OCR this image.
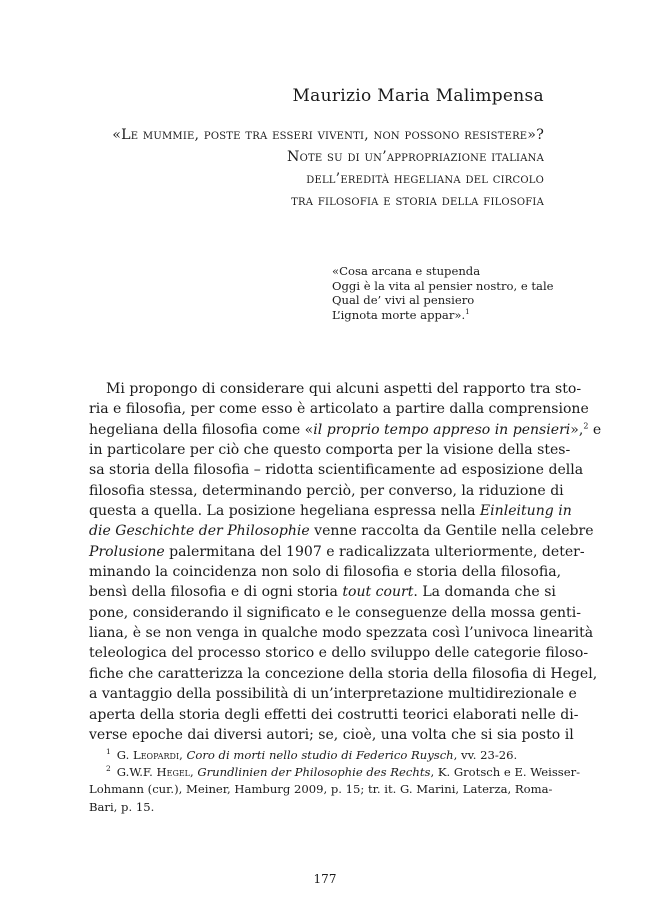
Maurizio Maria Malimpensa
«Le mummie, poste tra esseri viventi, non possono resistere»?
Note su di un’appropriazione italiana
dell’eredità hegeliana del circolo
tra filosofia e storia della filosofia
«Cosa arcana e stupenda
Oggi è la vita al pensier nostro, e tale
Qual de’ vivi al pensiero
L’ignota morte appar».$^1$
Mi propongo di considerare qui alcuni aspetti del rapporto tra sto-
ria e filosofia, per come esso è articolato a partire dalla comprensione
hegeliana della filosofia come «il proprio tempo appreso in pensieri»,$^2$ e
in particolare per ciò che questo comporta per la visione della stes-
sa storia della filosofia – ridotta scientificamente ad esposizione della
filosofia stessa, determinando perciò, per converso, la riduzione di
questa a quella. La posizione hegeliana espressa nella Einleitung in
die Geschichte der Philosophie venne raccolta da Gentile nella celebre
Prolusione palermitana del 1907 e radicalizzata ulteriormente, deter-
minando la coincidenza non solo di filosofia e storia della filosofia,
bensì della filosofia e di ogni storia tout court. La domanda che si
pone, considerando il significato e le conseguenze della mossa genti-
liana, è se non venga in qualche modo spezzata così l’univoca linearità
teleologica del processo storico e dello sviluppo delle categorie filoso-
fiche che caratterizza la concezione della storia della filosofia di Hegel,
a vantaggio della possibilità di un’interpretazione multidirezionale e
aperta della storia degli effetti dei costrutti teorici elaborati nelle di-
verse epoche dai diversi autori; se, cioè, una volta che si sia posto il
$^1$ G. Leopardi, Coro di morti nello studio di Federico Ruysch, vv. 23-26.
$^2$ G.W.F. Hegel, Grundlinien der Philosophie des Rechts, K. Grotsch e E. Weisser-
Lohmann (cur.), Meiner, Hamburg 2009, p. 15; tr. it. G. Marini, Laterza, Roma-
Bari, p. 15.
177
